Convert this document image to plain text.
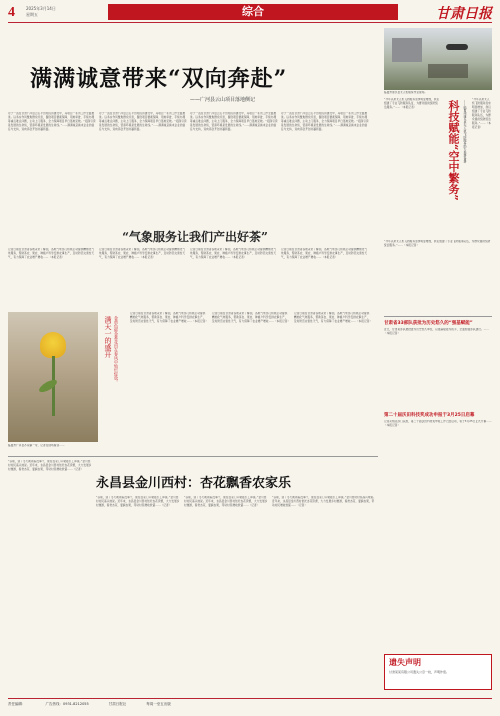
4	2025年3月14日
星期五	综合	甘肃日报
满满诚意带来“双向奔赴”
——广河县云山项目落地侧记
对于一直在甘肃广河县云山平田村投资建设中，其项目一系列工作全面推进。以务实作风聚焦群众所需，围绕项目要素保障、用地审批、手续办理等重点难点问题，主动上门服务，全力保障项目早日落地见效。“招商引资是发展的生命线，营商环境是发展的生命线。”……满满诚意换来企业的信任与支持，双向奔赴开创共赢局面。
对于一直在甘肃广河县云山平田村投资建设中，其项目一系列工作全面推进。以务实作风聚焦群众所需，围绕项目要素保障、用地审批、手续办理等重点难点问题，主动上门服务，全力保障项目早日落地见效。“招商引资是发展的生命线，营商环境是发展的生命线。”……满满诚意换来企业的信任与支持，双向奔赴开创共赢局面。
对于一直在甘肃广河县云山平田村投资建设中，其项目一系列工作全面推进。以务实作风聚焦群众所需，围绕项目要素保障、用地审批、手续办理等重点难点问题，主动上门服务，全力保障项目早日落地见效。“招商引资是发展的生命线，营商环境是发展的生命线。”……满满诚意换来企业的信任与支持，双向奔赴开创共赢局面。
对于一直在甘肃广河县云山平田村投资建设中，其项目一系列工作全面推进。以务实作风聚焦群众所需，围绕项目要素保障、用地审批、手续办理等重点难点问题，主动上门服务，全力保障项目早日落地见效。“招商引资是发展的生命线，营商环境是发展的生命线。”……满满诚意换来企业的信任与支持，双向奔赴开创共赢局面。
“气象服务让我们产出好茶”
记者日前在甘肃省各地采访了解到，各地气象部门积极主动提供精细化气象服务，帮助茶农、果农、种植户科学安排农事生产，及时防范灾害性天气，有力保障了农业增产增收……（本报记者）
记者日前在甘肃省各地采访了解到，各地气象部门积极主动提供精细化气象服务，帮助茶农、果农、种植户科学安排农事生产，及时防范灾害性天气，有力保障了农业增产增收……（本报记者）
记者日前在甘肃省各地采访了解到，各地气象部门积极主动提供精细化气象服务，帮助茶农、果农、种植户科学安排农事生产，及时防范灾害性天气，有力保障了农业增产增收……（本报记者）
记者日前在甘肃省各地采访了解到，各地气象部门积极主动提供精细化气象服务，帮助茶农、果农、种植户科学安排农事生产，及时防范灾害性天气，有力保障了农业增产增收……（本报记者）
满天一的盛开 金黄色郁金香花田在春风中灿烂绽放。
临夏州广河县齐家镇一带，记者在现场看到……
记者日前在甘肃省各地采访了解到，各地气象部门积极主动提供精细化气象服务，帮助茶农、果农、种植户科学安排农事生产，及时防范灾害性天气，有力保障了农业增产增收……（本报记者）
记者日前在甘肃省各地采访了解到，各地气象部门积极主动提供精细化气象服务，帮助茶农、果农、种植户科学安排农事生产，及时防范灾害性天气，有力保障了农业增产增收……（本报记者）
记者日前在甘肃省各地采访了解到，各地气象部门积极主动提供精细化气象服务，帮助茶农、果农、种植户科学安排农事生产，及时防范灾害性天气，有力保障了农业增产增收……（本报记者）
临夏州康乐县无人机植保作业现场。
“今年以来无人机飞防服务需求明显增加，我们组建了专业飞防服务队伍，为群众提供统防统治服务。”……（本报记者）	科技赋能“空中繁务”	——临夏州康乐县无人机飞防服务助力春耕备耕
“今年以来无人机飞防服务需求明显增加，我们组建了专业飞防服务队伍，为群众提供统防统治服务。”……（本报记者）
“今年以来无人机飞防服务需求明显增加，我们组建了专业飞防服务队伍，为群众提供统防统治服务。”……（本报记者）
甘肃省33部队获批为历史悠久的“强基赋能”
近日，甘肃某部队被批准为历史悠久单位，以强基赋能为抓手，全面加强部队建设。……（本报记者）
第二十届沃田科技奖成功申报于3月25日启幕
记者从相关部门获悉，第二十届沃田科技奖申报工作已经启动，将于3月25日正式开幕……（本报记者）
永昌县金川西村：杏花飘香农家乐
“以前，到了冬天就闲着没事干，现在在家门口就能打工挣钱。”金川西村村民高兴地说。近年来，永昌县金川西村依托杏花资源，大力发展乡村旅游，春赏杏花、夏摘杏果，带动村民增收致富……（记者）
“以前，到了冬天就闲着没事干，现在在家门口就能打工挣钱。”金川西村村民高兴地说。近年来，永昌县金川西村依托杏花资源，大力发展乡村旅游，春赏杏花、夏摘杏果，带动村民增收致富……（记者）
“以前，到了冬天就闲着没事干，现在在家门口就能打工挣钱。”金川西村村民高兴地说。近年来，永昌县金川西村依托杏花资源，大力发展乡村旅游，春赏杏花、夏摘杏果，带动村民增收致富……（记者）
“以前，到了冬天就闲着没事干，现在在家门口就能打工挣钱。”金川西村村民高兴地说。近年来，永昌县金川西村依托杏花资源，大力发展乡村旅游，春赏杏花、夏摘杏果，带动村民增收致富……（记者）
遗失声明
甘肃某某有限公司遗失公章一枚，声明作废。
责任编辑：	广告热线：0931-8212055	甘肃日报社	每周一至五出版
